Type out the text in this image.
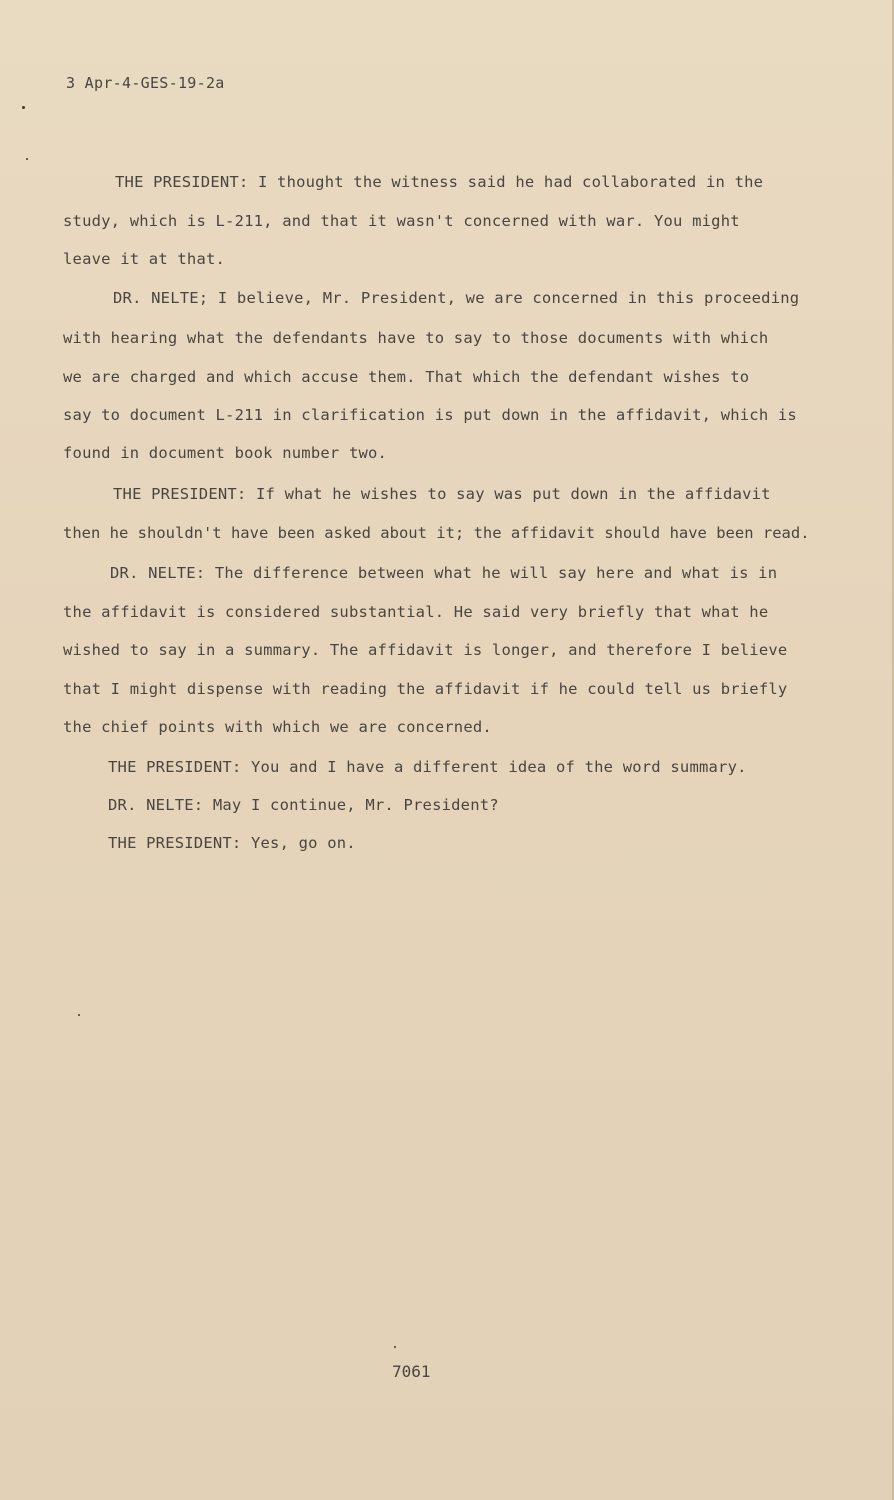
3 Apr-4-GES-19-2a
THE PRESIDENT: I thought the witness said he had collaborated in the
study, which is L-211, and that it wasn't concerned with war. You might
leave it at that.
DR. NELTE; I believe, Mr. President, we are concerned in this proceeding
with hearing what the defendants have to say to those documents with which
we are charged and which accuse them. That which the defendant wishes to
say to document L-211 in clarification is put down in the affidavit, which is
found in document book number two.
THE PRESIDENT: If what he wishes to say was put down in the affidavit
then he shouldn't have been asked about it; the affidavit should have been read.
DR. NELTE: The difference between what he will say here and what is in
the affidavit is considered substantial. He said very briefly that what he
wished to say in a summary. The affidavit is longer, and therefore I believe
that I might dispense with reading the affidavit if he could tell us briefly
the chief points with which we are concerned.
THE PRESIDENT: You and I have a different idea of the word summary.
DR. NELTE: May I continue, Mr. President?
THE PRESIDENT: Yes, go on.
7061
